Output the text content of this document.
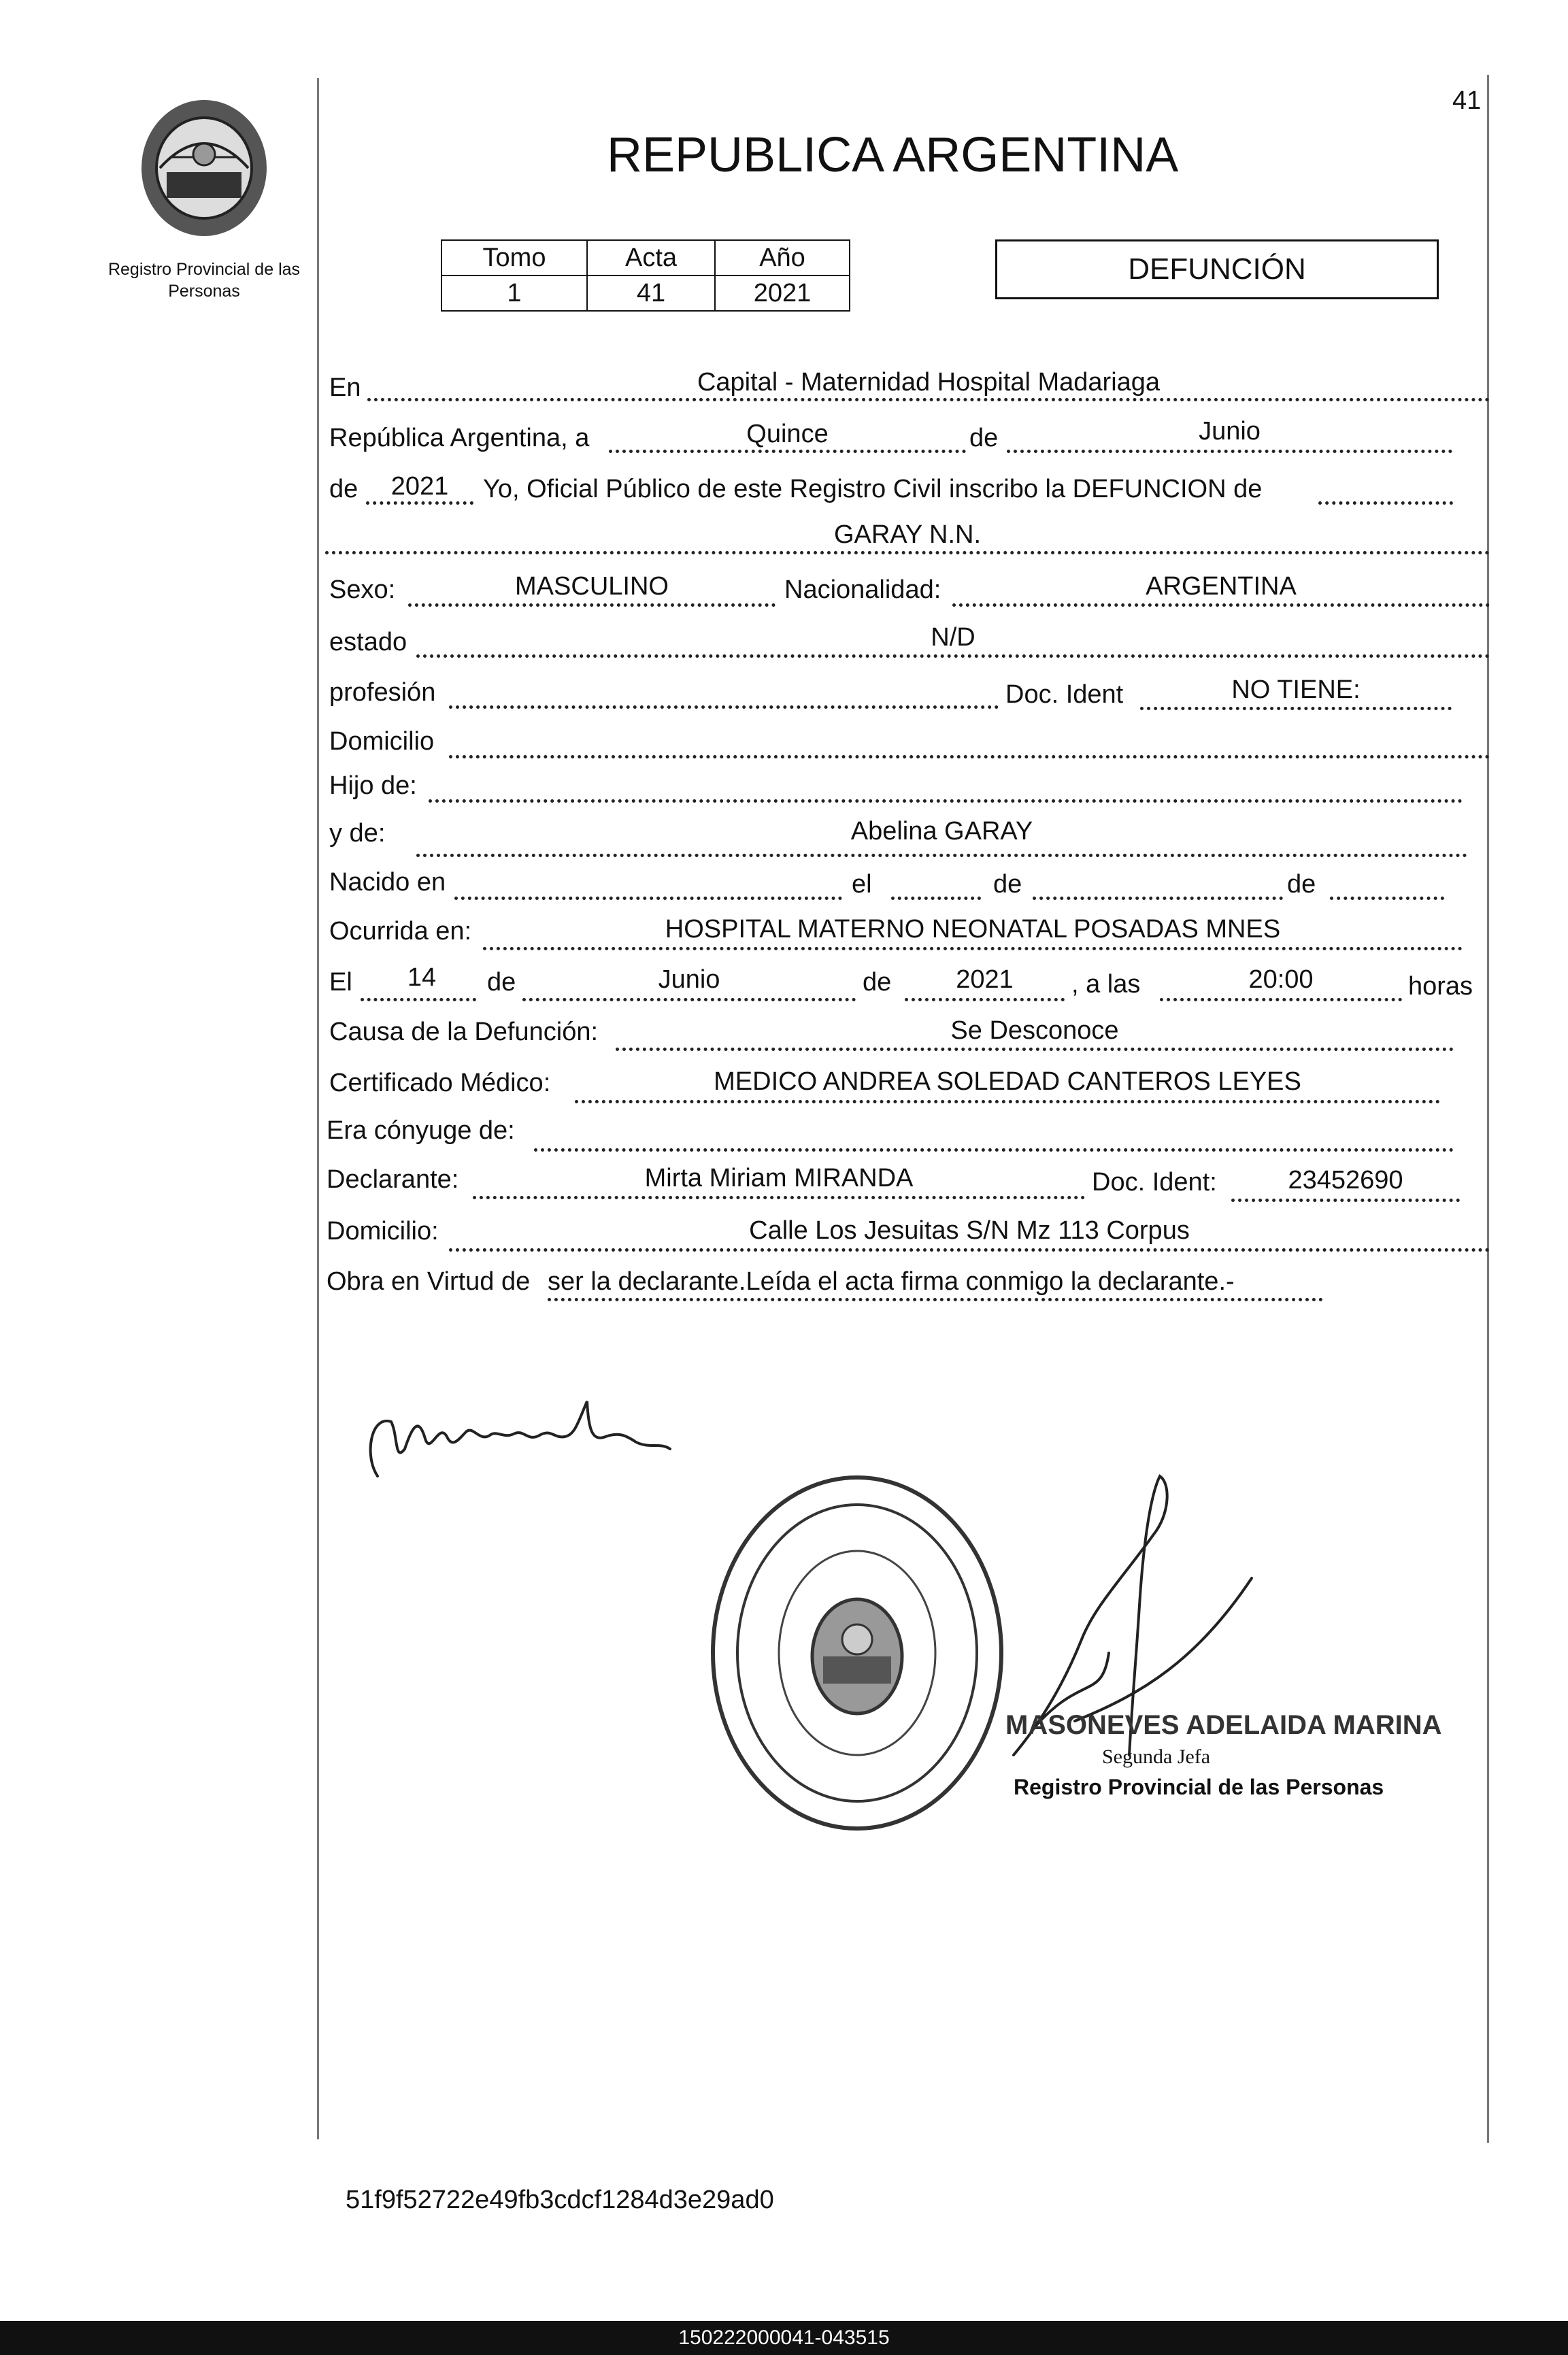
41
Registro Provincial de las Personas
REPUBLICA ARGENTINA
Tomo	Acta	Año
1	41	2021
DEFUNCIÓN
En	Capital - Maternidad Hospital Madariaga
República Argentina, a	Quince	de	Junio
de	2021	Yo, Oficial Público de este Registro Civil inscribo la DEFUNCION de
GARAY N.N.
Sexo:	MASCULINO	Nacionalidad:	ARGENTINA
estado	N/D
profesión	Doc. Ident	NO TIENE:
Domicilio
Hijo de:
y de:	Abelina GARAY
Nacido en	el	de	de
Ocurrida en:	HOSPITAL MATERNO NEONATAL POSADAS MNES
El	14	de	Junio	de	2021	, a las	20:00	horas
Causa de la Defunción:	Se Desconoce
Certificado Médico:	MEDICO ANDREA SOLEDAD CANTEROS LEYES
Era cónyuge de:
Declarante:	Mirta Miriam MIRANDA	Doc. Ident:	23452690
Domicilio:	Calle Los Jesuitas S/N Mz 113 Corpus
Obra en Virtud de ser la declarante.Leída el acta firma conmigo la declarante.-
MASONEVES ADELAIDA MARINA
Segunda Jefa
Registro Provincial de las Personas
51f9f52722e49fb3cdcf1284d3e29ad0
150222000041-043515
